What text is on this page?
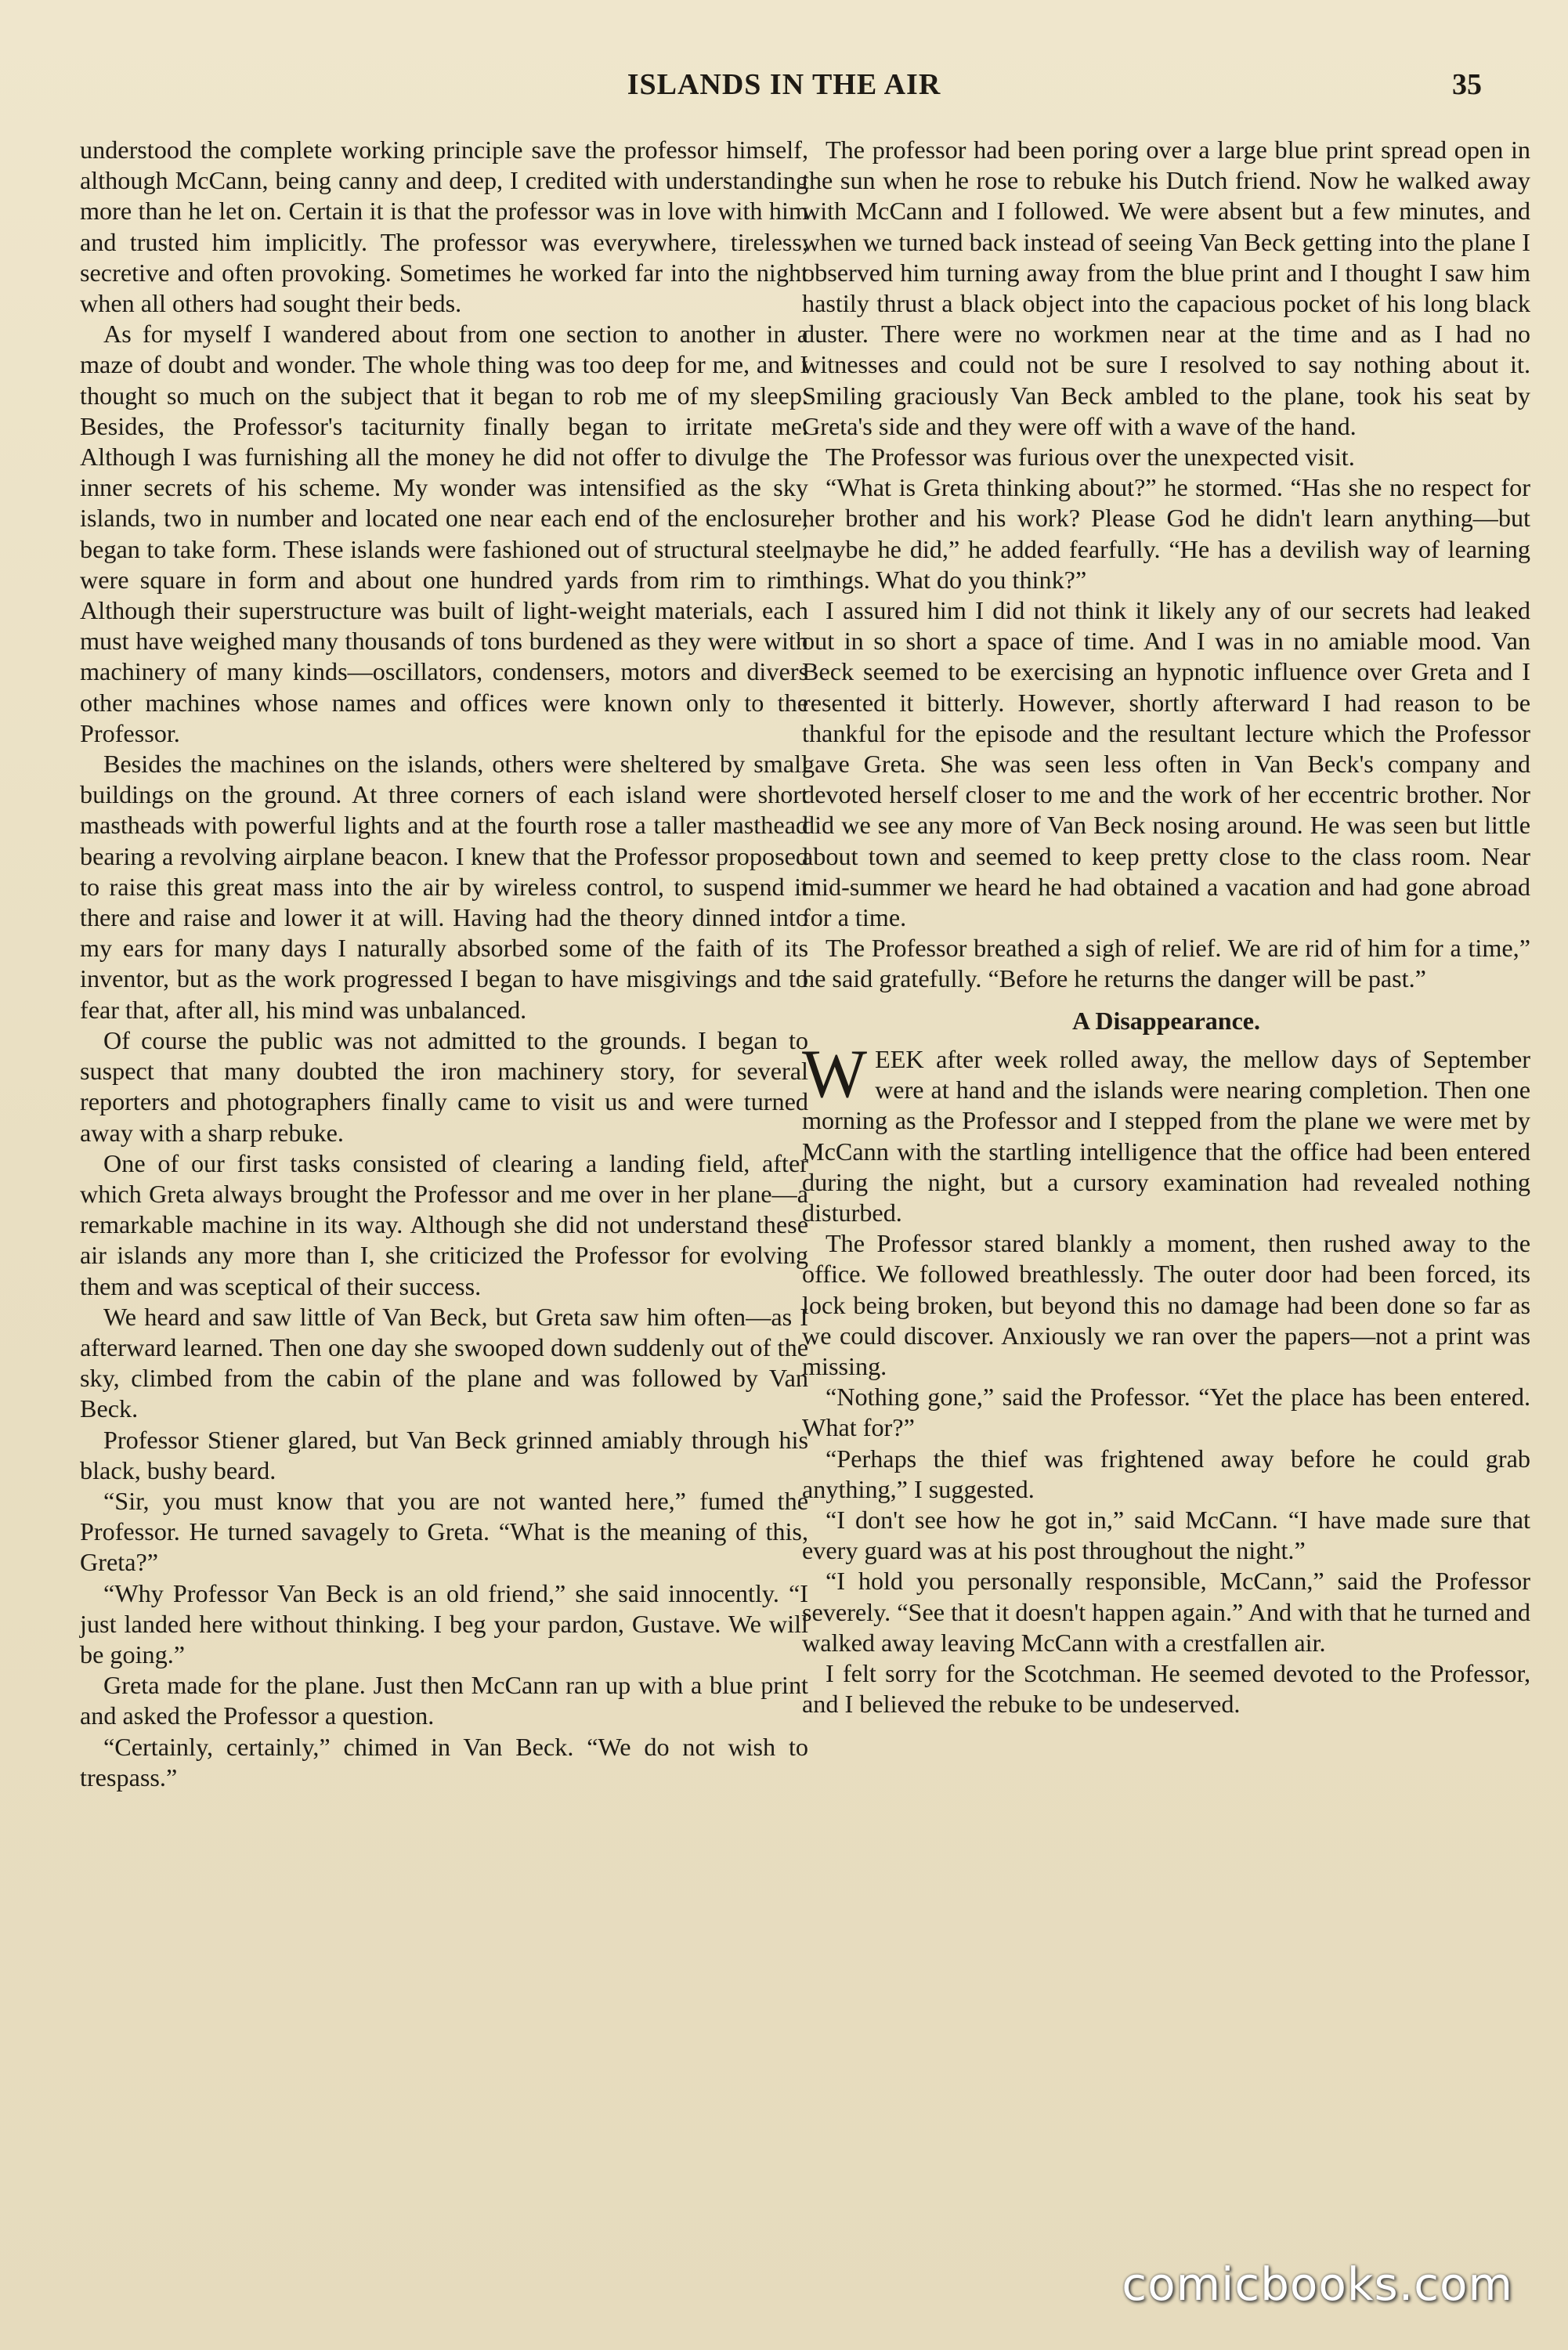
ISLANDS IN THE AIR	35

understood the complete working principle save the professor himself, although McCann, being canny and deep, I credited with understanding more than he let on. Certain it is that the professor was in love with him and trusted him implicitly. The professor was everywhere, tireless, secretive and often provoking. Sometimes he worked far into the night when all others had sought their beds.

As for myself I wandered about from one section to another in a maze of doubt and wonder. The whole thing was too deep for me, and I thought so much on the subject that it began to rob me of my sleep. Besides, the Professor's taciturnity finally began to irritate me. Although I was furnishing all the money he did not offer to divulge the inner secrets of his scheme. My wonder was intensified as the sky islands, two in number and located one near each end of the enclosure, began to take form. These islands were fashioned out of structural steel, were square in form and about one hundred yards from rim to rim. Although their superstructure was built of light-weight materials, each must have weighed many thousands of tons burdened as they were with machinery of many kinds—oscillators, condensers, motors and divers other machines whose names and offices were known only to the Professor.

Besides the machines on the islands, others were sheltered by small buildings on the ground. At three corners of each island were short mastheads with powerful lights and at the fourth rose a taller masthead bearing a revolving airplane beacon. I knew that the Professor proposed to raise this great mass into the air by wireless control, to suspend it there and raise and lower it at will. Having had the theory dinned into my ears for many days I naturally absorbed some of the faith of its inventor, but as the work progressed I began to have misgivings and to fear that, after all, his mind was unbalanced.

Of course the public was not admitted to the grounds. I began to suspect that many doubted the iron machinery story, for several reporters and photographers finally came to visit us and were turned away with a sharp rebuke.

One of our first tasks consisted of clearing a landing field, after which Greta always brought the Professor and me over in her plane—a remarkable machine in its way. Although she did not understand these air islands any more than I, she criticized the Professor for evolving them and was sceptical of their success.

We heard and saw little of Van Beck, but Greta saw him often—as I afterward learned. Then one day she swooped down suddenly out of the sky, climbed from the cabin of the plane and was followed by Van Beck.

Professor Stiener glared, but Van Beck grinned amiably through his black, bushy beard.

“Sir, you must know that you are not wanted here,” fumed the Professor. He turned savagely to Greta. “What is the meaning of this, Greta?”

“Why Professor Van Beck is an old friend,” she said innocently. “I just landed here without thinking. I beg your pardon, Gustave. We will be going.”

Greta made for the plane. Just then McCann ran up with a blue print and asked the Professor a question.

“Certainly, certainly,” chimed in Van Beck. “We do not wish to trespass.”

The professor had been poring over a large blue print spread open in the sun when he rose to rebuke his Dutch friend. Now he walked away with McCann and I followed. We were absent but a few minutes, and when we turned back instead of seeing Van Beck getting into the plane I observed him turning away from the blue print and I thought I saw him hastily thrust a black object into the capacious pocket of his long black duster. There were no workmen near at the time and as I had no witnesses and could not be sure I resolved to say nothing about it. Smiling graciously Van Beck ambled to the plane, took his seat by Greta's side and they were off with a wave of the hand.

The Professor was furious over the unexpected visit.

“What is Greta thinking about?” he stormed. “Has she no respect for her brother and his work? Please God he didn't learn anything—but maybe he did,” he added fearfully. “He has a devilish way of learning things. What do you think?”

I assured him I did not think it likely any of our secrets had leaked out in so short a space of time. And I was in no amiable mood. Van Beck seemed to be exercising an hypnotic influence over Greta and I resented it bitterly. However, shortly afterward I had reason to be thankful for the episode and the resultant lecture which the Professor gave Greta. She was seen less often in Van Beck's company and devoted herself closer to me and the work of her eccentric brother. Nor did we see any more of Van Beck nosing around. He was seen but little about town and seemed to keep pretty close to the class room. Near mid-summer we heard he had obtained a vacation and had gone abroad for a time.

The Professor breathed a sigh of relief. We are rid of him for a time,” he said gratefully. “Before he returns the danger will be past.”

A Disappearance.

WEEK after week rolled away, the mellow days of September were at hand and the islands were nearing completion. Then one morning as the Professor and I stepped from the plane we were met by McCann with the startling intelligence that the office had been entered during the night, but a cursory examination had revealed nothing disturbed.

The Professor stared blankly a moment, then rushed away to the office. We followed breathlessly. The outer door had been forced, its lock being broken, but beyond this no damage had been done so far as we could discover. Anxiously we ran over the papers—not a print was missing.

“Nothing gone,” said the Professor. “Yet the place has been entered. What for?”

“Perhaps the thief was frightened away before he could grab anything,” I suggested.

“I don't see how he got in,” said McCann. “I have made sure that every guard was at his post throughout the night.”

“I hold you personally responsible, McCann,” said the Professor severely. “See that it doesn't happen again.” And with that he turned and walked away leaving McCann with a crestfallen air.

I felt sorry for the Scotchman. He seemed devoted to the Professor, and I believed the rebuke to be undeserved.

comicbooks.com
